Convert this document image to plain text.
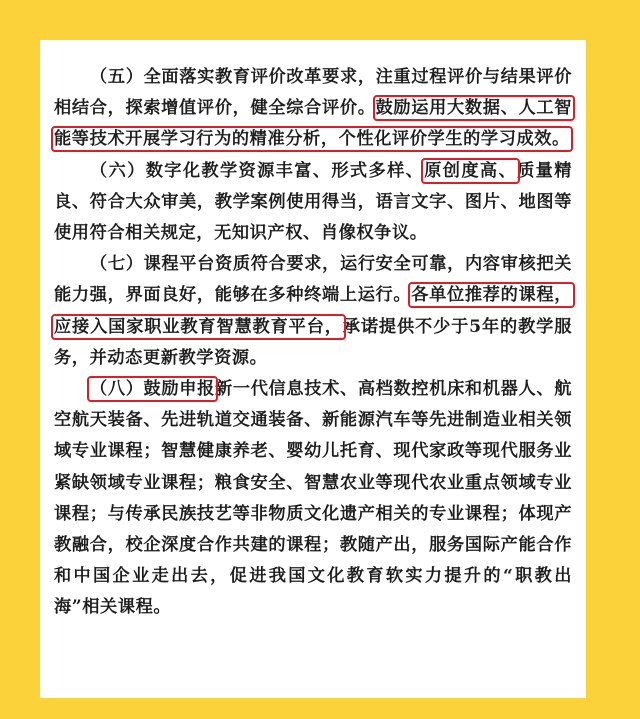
（五）全面落实教育评价改革要求，注重过程评价与结果评价相结合，探索增值评价，健全综合评价。鼓励运用大数据、人工智能等技术开展学习行为的精准分析，个性化评价学生的学习成效。

（六）数字化教学资源丰富、形式多样、原创度高、质量精良、符合大众审美，教学案例使用得当，语言文字、图片、地图等使用符合相关规定，无知识产权、肖像权争议。

（七）课程平台资质符合要求，运行安全可靠，内容审核把关能力强，界面良好，能够在多种终端上运行。各单位推荐的课程，应接入国家职业教育智慧教育平台，承诺提供不少于5年的教学服务，并动态更新教学资源。

（八）鼓励申报新一代信息技术、高档数控机床和机器人、航空航天装备、先进轨道交通装备、新能源汽车等先进制造业相关领域专业课程；智慧健康养老、婴幼儿托育、现代家政等现代服务业紧缺领域专业课程；粮食安全、智慧农业等现代农业重点领域专业课程；与传承民族技艺等非物质文化遗产相关的专业课程；体现产教融合，校企深度合作共建的课程；教随产出，服务国际产能合作和中国企业走出去，促进我国文化教育软实力提升的“职教出海”相关课程。
